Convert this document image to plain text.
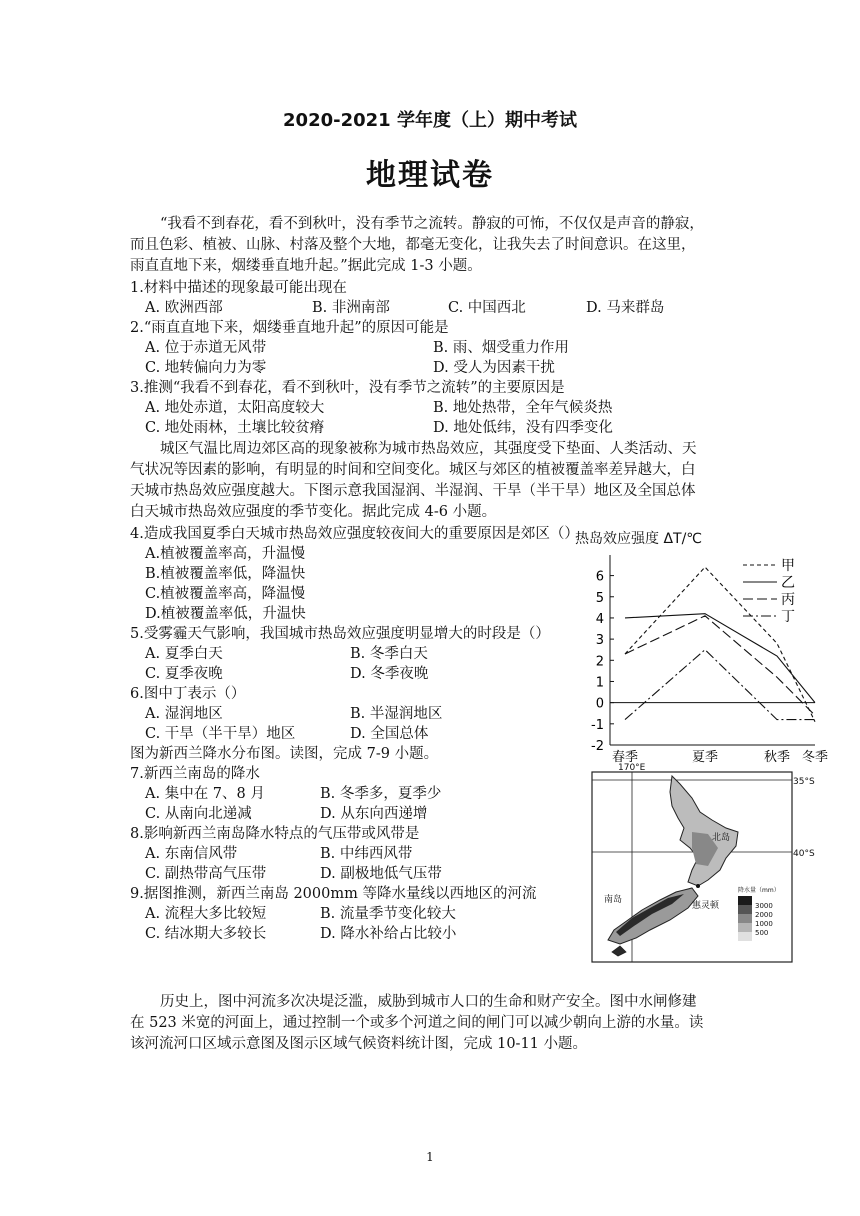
2020-2021 学年度（上）期中考试
地理试卷
“我看不到春花，看不到秋叶，没有季节之流转。静寂的可怖，不仅仅是声音的静寂，
而且色彩、植被、山脉、村落及整个大地，都毫无变化，让我失去了时间意识。在这里，
雨直直地下来，烟缕垂直地升起。”据此完成 1-3 小题。
1.材料中描述的现象最可能出现在
A. 欧洲西部	B. 非洲南部	C. 中国西北	D. 马来群岛
2.“雨直直地下来，烟缕垂直地升起”的原因可能是
A. 位于赤道无风带	B. 雨、烟受重力作用
C. 地转偏向力为零	D. 受人为因素干扰
3.推测“我看不到春花，看不到秋叶，没有季节之流转”的主要原因是
A. 地处赤道，太阳高度较大	B. 地处热带，全年气候炎热
C. 地处雨林，土壤比较贫瘠	D. 地处低纬，没有四季变化
城区气温比周边郊区高的现象被称为城市热岛效应，其强度受下垫面、人类活动、天
气状况等因素的影响，有明显的时间和空间变化。城区与郊区的植被覆盖率差异越大，白
天城市热岛效应强度越大。下图示意我国湿润、半湿润、干旱（半干旱）地区及全国总体
白天城市热岛效应强度的季节变化。据此完成 4-6 小题。
4.造成我国夏季白天城市热岛效应强度较夜间大的重要原因是郊区（）
A.植被覆盖率高，升温慢
B.植被覆盖率低，降温快
C.植被覆盖率高，降温慢
D.植被覆盖率低，升温快
5.受雾霾天气影响，我国城市热岛效应强度明显增大的时段是（）
A. 夏季白天	B. 冬季白天
C. 夏季夜晚	D. 冬季夜晚
6.图中丁表示（）
A. 湿润地区	B. 半湿润地区
C. 干旱（半干旱）地区	D. 全国总体
图为新西兰降水分布图。读图，完成 7-9 小题。
7.新西兰南岛的降水
A. 集中在 7、8 月	B. 冬季多，夏季少
C. 从南向北递减	D. 从东向西递增
8.影响新西兰南岛降水特点的气压带或风带是
A. 东南信风带	B. 中纬西风带
C. 副热带高气压带	D. 副极地低气压带
9.据图推测，新西兰南岛 2000mm 等降水量线以西地区的河流
A. 流程大多比较短	B. 流量季节变化较大
C. 结冰期大多较长	D. 降水补给占比较小
历史上，图中河流多次决堤泛滥，威胁到城市人口的生命和财产安全。图中水闸修建
在 523 米宽的河面上，通过控制一个或多个河道之间的闸门可以减少朝向上游的水量。读
该河流河口区域示意图及图示区域气候资料统计图，完成 10-11 小题。
热岛效应强度 ΔT/℃
6
5
4
3
2
1
0
-1
-2
春季	夏季	秋季 冬季
甲
乙
丙
丁
170°E
35°S
40°S
北岛
南岛
惠灵顿
降水量（mm）
3000
2000
1000
500
1
